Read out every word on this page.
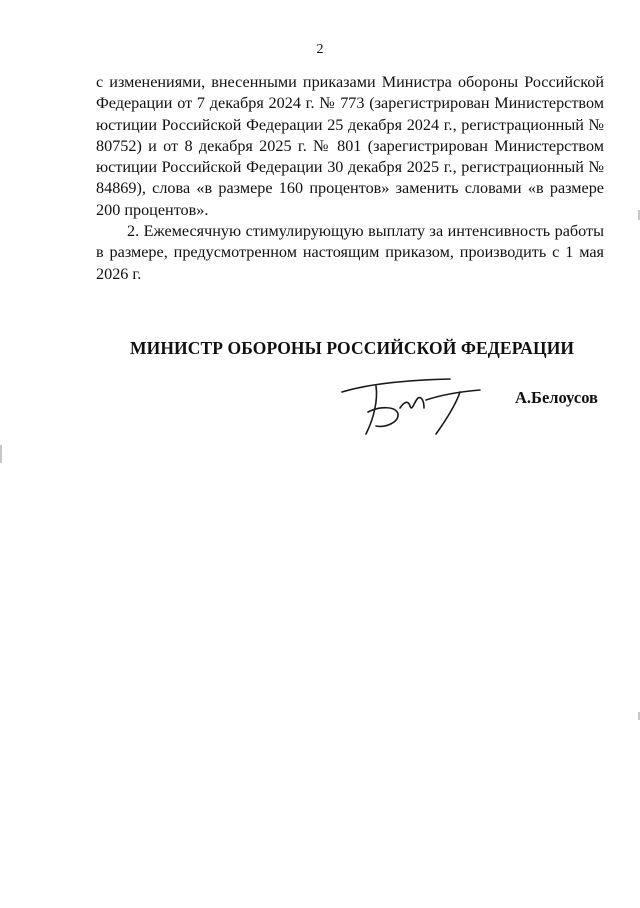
2

с изменениями, внесенными приказами Министра обороны Российской Федерации от 7 декабря 2024 г. № 773 (зарегистрирован Министерством юстиции Российской Федерации 25 декабря 2024 г., регистрационный № 80752) и от 8 декабря 2025 г. № 801 (зарегистрирован Министерством юстиции Российской Федерации 30 декабря 2025 г., регистрационный № 84869), слова «в размере 160 процентов» заменить словами «в размере 200 процентов».

2. Ежемесячную стимулирующую выплату за интенсивность работы в размере, предусмотренном настоящим приказом, производить с 1 мая 2026 г.

МИНИСТР ОБОРОНЫ РОССИЙСКОЙ ФЕДЕРАЦИИ
А.Белоусов
